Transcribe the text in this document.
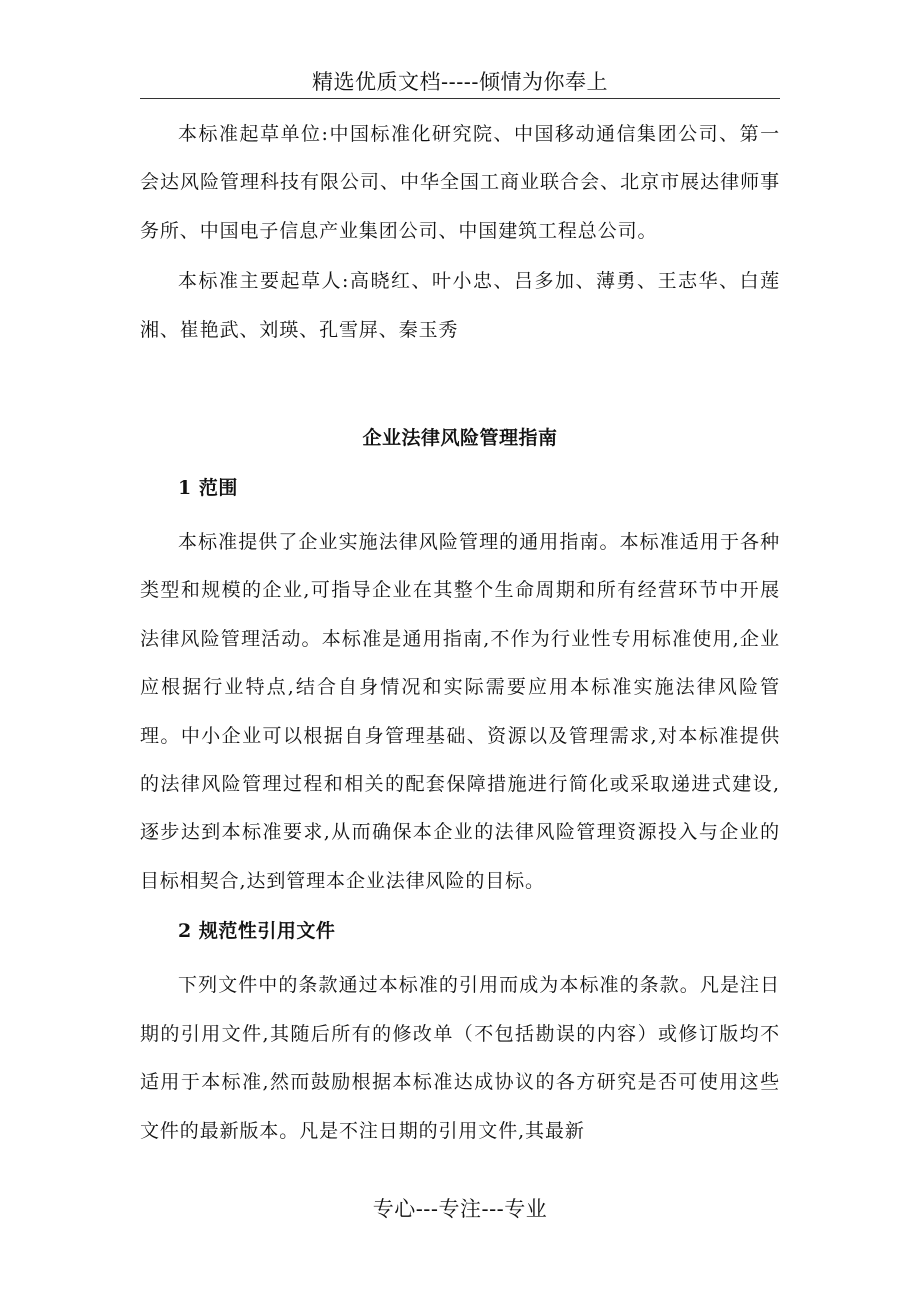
精选优质文档-----倾情为你奉上

本标准起草单位:中国标准化研究院、中国移动通信集团公司、第一会达风险管理科技有限公司、中华全国工商业联合会、北京市展达律师事务所、中国电子信息产业集团公司、中国建筑工程总公司。

本标准主要起草人:高晓红、叶小忠、吕多加、薄勇、王志华、白莲湘、崔艳武、刘瑛、孔雪屏、秦玉秀

企业法律风险管理指南
1 范围

本标准提供了企业实施法律风险管理的通用指南。本标准适用于各种类型和规模的企业,可指导企业在其整个生命周期和所有经营环节中开展法律风险管理活动。本标准是通用指南,不作为行业性专用标准使用,企业应根据行业特点,结合自身情况和实际需要应用本标准实施法律风险管理。中小企业可以根据自身管理基础、资源以及管理需求,对本标准提供的法律风险管理过程和相关的配套保障措施进行简化或采取递进式建设,逐步达到本标准要求,从而确保本企业的法律风险管理资源投入与企业的目标相契合,达到管理本企业法律风险的目标。

2 规范性引用文件

下列文件中的条款通过本标准的引用而成为本标准的条款。凡是注日期的引用文件,其随后所有的修改单（不包括勘误的内容）或修订版均不适用于本标准,然而鼓励根据本标准达成协议的各方研究是否可使用这些文件的最新版本。凡是不注日期的引用文件,其最新

专心---专注---专业
